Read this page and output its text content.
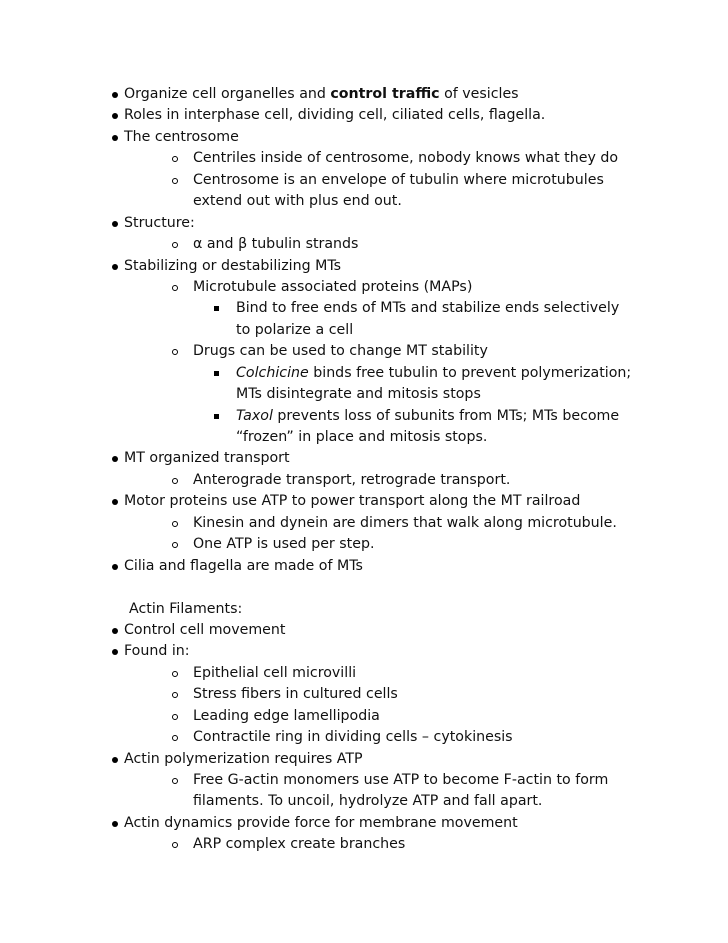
Organize cell organelles and control traffic of vesicles
Roles in interphase cell, dividing cell, ciliated cells, flagella.
The centrosome
Centriles inside of centrosome, nobody knows what they do
Centrosome is an envelope of tubulin where microtubules
extend out with plus end out.
Structure:
α and β tubulin strands
Stabilizing or destabilizing MTs
Microtubule associated proteins (MAPs)
Bind to free ends of MTs and stabilize ends selectively
to polarize a cell
Drugs can be used to change MT stability
Colchicine binds free tubulin to prevent polymerization;
MTs disintegrate and mitosis stops
Taxol prevents loss of subunits from MTs; MTs become
“frozen” in place and mitosis stops.
MT organized transport
Anterograde transport, retrograde transport.
Motor proteins use ATP to power transport along the MT railroad
Kinesin and dynein are dimers that walk along microtubule.
One ATP is used per step.
Cilia and flagella are made of MTs
Actin Filaments:
Control cell movement
Found in:
Epithelial cell microvilli
Stress fibers in cultured cells
Leading edge lamellipodia
Contractile ring in dividing cells – cytokinesis
Actin polymerization requires ATP
Free G-actin monomers use ATP to become F-actin to form
filaments. To uncoil, hydrolyze ATP and fall apart.
Actin dynamics provide force for membrane movement
ARP complex create branches
